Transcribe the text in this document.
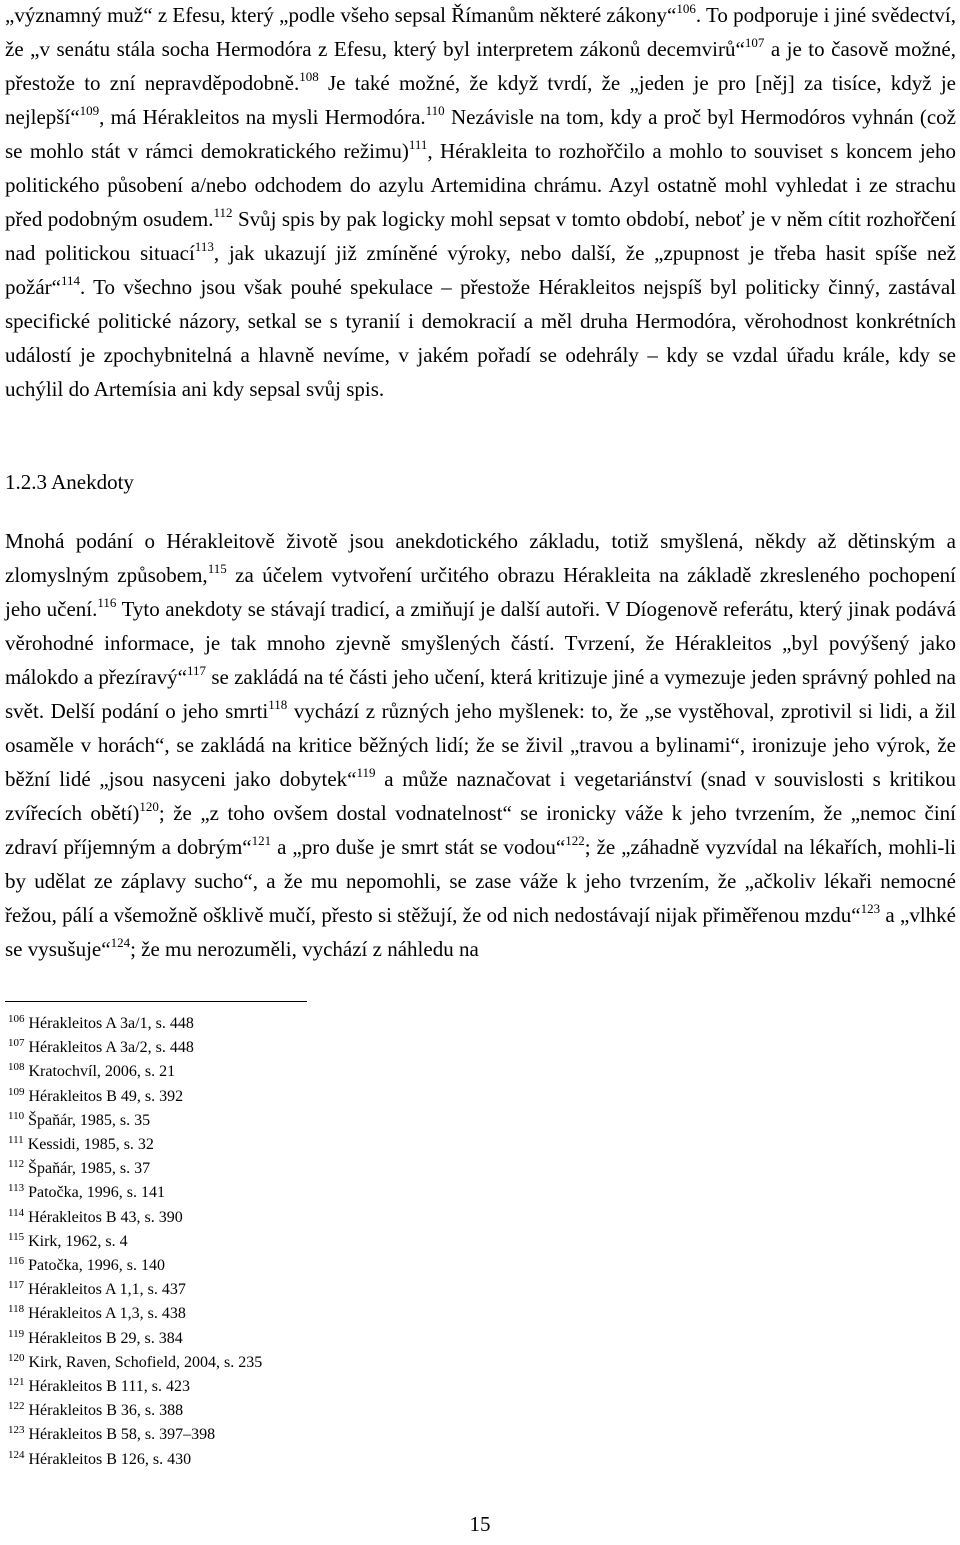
„významný muž“ z Efesu, který „podle všeho sepsal Římanům některé zákony“$^{106}$. To podporuje i jiné svědectví, že „v senátu stála socha Hermodóra z Efesu, který byl interpretem zákonů decemvirů“$^{107}$ a je to časově možné, přestože to zní nepravděpodobně.$^{108}$ Je také možné, že když tvrdí, že „jeden je pro [něj] za tisíce, když je nejlepší“$^{109}$, má Hérakleitos na mysli Hermodóra.$^{110}$ Nezávisle na tom, kdy a proč byl Hermodóros vyhnán (což se mohlo stát v rámci demokratického režimu)$^{111}$, Hérakleita to rozhořčilo a mohlo to souviset s koncem jeho politického působení a/nebo odchodem do azylu Artemidina chrámu. Azyl ostatně mohl vyhledat i ze strachu před podobným osudem.$^{112}$ Svůj spis by pak logicky mohl sepsat v tomto období, neboť je v něm cítit rozhořčení nad politickou situací$^{113}$, jak ukazují již zmíněné výroky, nebo další, že „zpupnost je třeba hasit spíše než požár“$^{114}$. To všechno jsou však pouhé spekulace – přestože Hérakleitos nejspíš byl politicky činný, zastával specifické politické názory, setkal se s tyranií i demokracií a měl druha Hermodóra, věrohodnost konkrétních událostí je zpochybnitelná a hlavně nevíme, v jakém pořadí se odehrály – kdy se vzdal úřadu krále, kdy se uchýlil do Artemísia ani kdy sepsal svůj spis.

1.2.3 Anekdoty

Mnohá podání o Hérakleitově životě jsou anekdotického základu, totiž smyšlená, někdy až dětinským a zlomyslným způsobem,$^{115}$ za účelem vytvoření určitého obrazu Hérakleita na základě zkresleného pochopení jeho učení.$^{116}$ Tyto anekdoty se stávají tradicí, a zmiňují je další autoři. V Díogenově referátu, který jinak podává věrohodné informace, je tak mnoho zjevně smyšlených částí. Tvrzení, že Hérakleitos „byl povýšený jako málokdo a přezíravý“$^{117}$ se zakládá na té části jeho učení, která kritizuje jiné a vymezuje jeden správný pohled na svět. Delší podání o jeho smrti$^{118}$ vychází z různých jeho myšlenek: to, že „se vystěhoval, zprotivil si lidi, a žil osaměle v horách“, se zakládá na kritice běžných lidí; že se živil „travou a bylinami“, ironizuje jeho výrok, že běžní lidé „jsou nasyceni jako dobytek“$^{119}$ a může naznačovat i vegetariánství (snad v souvislosti s kritikou zvířecích obětí)$^{120}$; že „z toho ovšem dostal vodnatelnost“ se ironicky váže k jeho tvrzením, že „nemoc činí zdraví příjemným a dobrým“$^{121}$ a „pro duše je smrt stát se vodou“$^{122}$; že „záhadně vyzvídal na lékařích, mohli-li by udělat ze záplavy sucho“, a že mu nepomohli, se zase váže k jeho tvrzením, že „ačkoliv lékaři nemocné řežou, pálí a všemožně ošklivě mučí, přesto si stěžují, že od nich nedostávají nijak přiměřenou mzdu“$^{123}$ a „vlhké se vysušuje“$^{124}$; že mu nerozuměli, vychází z náhledu na

$^{106}$ Hérakleitos A 3a/1, s. 448
$^{107}$ Hérakleitos A 3a/2, s. 448
$^{108}$ Kratochvíl, 2006, s. 21
$^{109}$ Hérakleitos B 49, s. 392
$^{110}$ Špaňár, 1985, s. 35
$^{111}$ Kessidi, 1985, s. 32
$^{112}$ Špaňár, 1985, s. 37
$^{113}$ Patočka, 1996, s. 141
$^{114}$ Hérakleitos B 43, s. 390
$^{115}$ Kirk, 1962, s. 4
$^{116}$ Patočka, 1996, s. 140
$^{117}$ Hérakleitos A 1,1, s. 437
$^{118}$ Hérakleitos A 1,3, s. 438
$^{119}$ Hérakleitos B 29, s. 384
$^{120}$ Kirk, Raven, Schofield, 2004, s. 235
$^{121}$ Hérakleitos B 111, s. 423
$^{122}$ Hérakleitos B 36, s. 388
$^{123}$ Hérakleitos B 58, s. 397–398
$^{124}$ Hérakleitos B 126, s. 430
15
